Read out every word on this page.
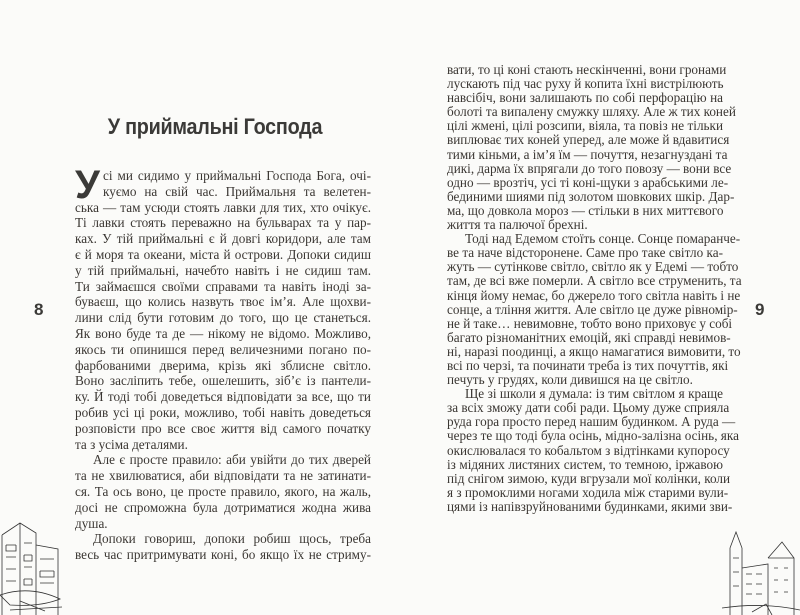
8	9
У приймальні Господа
У сі ми сидимо у приймальні Господа Бога, очі-
куємо на свій час. Приймальня та велетен-
ська — там усюди стоять лавки для тих, хто очікує.
Ті лавки стоять переважно на бульварах та у пар-
ках. У тій приймальні є й довгі коридори, але там
є й моря та океани, міста й острови. Допоки сидиш
у тій приймальні, начебто навіть і не сидиш там.
Ти займаєшся своїми справами та навіть іноді за-
буваєш, що колись назвуть твоє ім’я. Але щохви-
лини слід бути готовим до того, що це станеться.
Як воно буде та де — нікому не відомо. Можливо,
якось ти опинишся перед величезними погано по-
фарбованими дверима, крізь які зблисне світло.
Воно засліпить тебе, ошелешить, зіб’є із пантели-
ку. Й тоді тобі доведеться відповідати за все, що ти
робив усі ці роки, можливо, тобі навіть доведеться
розповісти про все своє життя від самого початку
та з усіма деталями.
Але є просте правило: аби увійти до тих дверей
та не хвилюватися, аби відповідати та не затинати-
ся. Та ось воно, це просте правило, якого, на жаль,
досі не спроможна була дотриматися жодна жива
душа.
Допоки говориш, допоки робиш щось, треба
весь час притримувати коні, бо якщо їх не стриму-
вати, то ці коні стають нескінченні, вони гронами
лускають під час руху й копита їхні вистрілюють
навсібіч, вони залишають по собі перфорацію на
болоті та випалену смужку шляху. Але ж тих коней
цілі жмені, цілі розсипи, віяла, та повіз не тільки
виплюває тих коней уперед, але може й вдавитися
тими кіньми, а ім’я їм — почуття, незагнуздані та
дикі, дарма їх впрягали до того повозу — вони все
одно — врозтіч, усі ті коні-щуки з арабськими ле-
бединими шиями під золотом шовкових шкір. Дар-
ма, що довкола мороз — стільки в них миттєвого
життя та палючої брехні.
Тоді над Едемом стоїть сонце. Сонце помаранче-
ве та наче відсторонене. Саме про таке світло ка-
жуть — сутінкове світло, світло як у Едемі — тобто
там, де всі вже померли. А світло все струменить, та
кінця йому немає, бо джерело того світла навіть і не
сонце, а тління життя. Але світло це дуже рівномір-
не й таке… невимовне, тобто воно приховує у собі
багато різноманітних емоцій, які справді невимов-
ні, наразі поодинці, а якщо намагатися вимовити, то
всі по черзі, та починати треба із тих почуттів, які
печуть у грудях, коли дивишся на це світло.
Ще зі школи я думала: із тим світлом я краще
за всіх зможу дати собі ради. Цьому дуже сприяла
руда гора просто перед нашим будинком. А руда —
через те що тоді була осінь, мідно-залізна осінь, яка
окислювалася то кобальтом з відтінками купоросу
із мідяних листяних систем, то темною, іржавою
під снігом зимою, куди вгрузали мої колінки, коли
я з промоклими ногами ходила між старими вули-
цями із напівзруйнованими будинками, якими зви-
